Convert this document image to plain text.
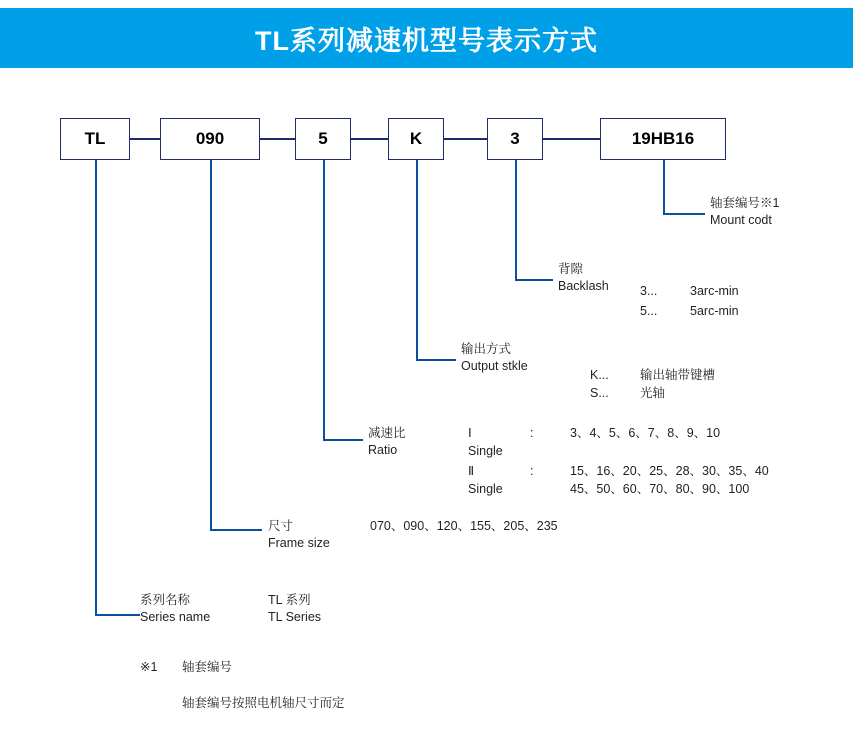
TL系列减速机型号表示方式
TL	090	5	K	3	19HB16
轴套编号※1
Mount codt
背隙
Backlash	3...	3arc-min
5...	5arc-min
输出方式
Output stkle
K... 输出轴带键槽
S... 光轴
减速比
Ratio
Ⅰ
Single
:	3、4、5、6、7、8、9、10
Ⅱ
Single
:	15、16、20、25、28、30、35、40
45、50、60、70、80、90、100
尺寸
Frame size
070、090、120、155、205、235
系列名称
Series name
TL 系列
TL Series
※1 轴套编号
轴套编号按照电机轴尺寸而定
